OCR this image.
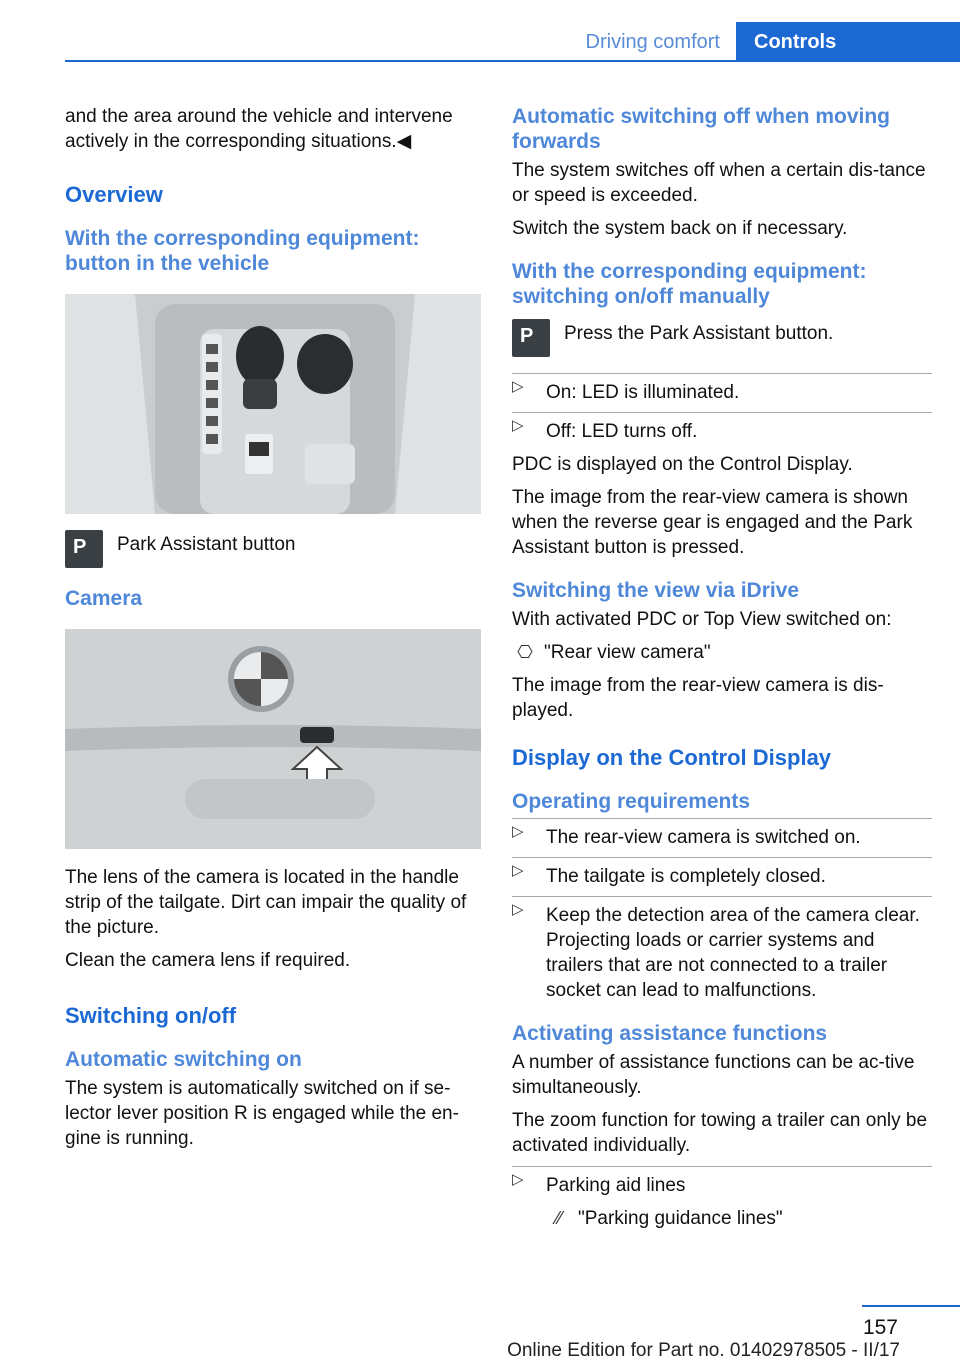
Driving comfort	Controls

and the area around the vehicle and intervene actively in the corresponding situations.◀

Overview
With the corresponding equipment: button in the vehicle
P Park Assistant button

Camera

The lens of the camera is located in the handle strip of the tailgate. Dirt can impair the quality of the picture.

Clean the camera lens if required.

Switching on/off
Automatic switching on

The system is automatically switched on if se‐lector lever position R is engaged while the en‐gine is running.

Automatic switching off when moving forwards

The system switches off when a certain dis‐tance or speed is exceeded.

Switch the system back on if necessary.

With the corresponding equipment: switching on/off manually
P Press the Park Assistant button.

▷ On: LED is illuminated.
▷ Off: LED turns off.

PDC is displayed on the Control Display.

The image from the rear-view camera is shown when the reverse gear is engaged and the Park Assistant button is pressed.

Switching the view via iDrive

With activated PDC or Top View switched on:

⎔ "Rear view camera"

The image from the rear-view camera is dis‐played.

Display on the Control Display
Operating requirements
▷ The rear-view camera is switched on.
▷ The tailgate is completely closed.
▷ Keep the detection area of the camera clear. Projecting loads or carrier systems and trailers that are not connected to a trailer socket can lead to malfunctions.
Activating assistance functions

A number of assistance functions can be ac‐tive simultaneously.

The zoom function for towing a trailer can only be activated individually.

▷ Parking aid lines

⁄⁄ "Parking guidance lines"

157
Online Edition for Part no. 01402978505 - II/17
